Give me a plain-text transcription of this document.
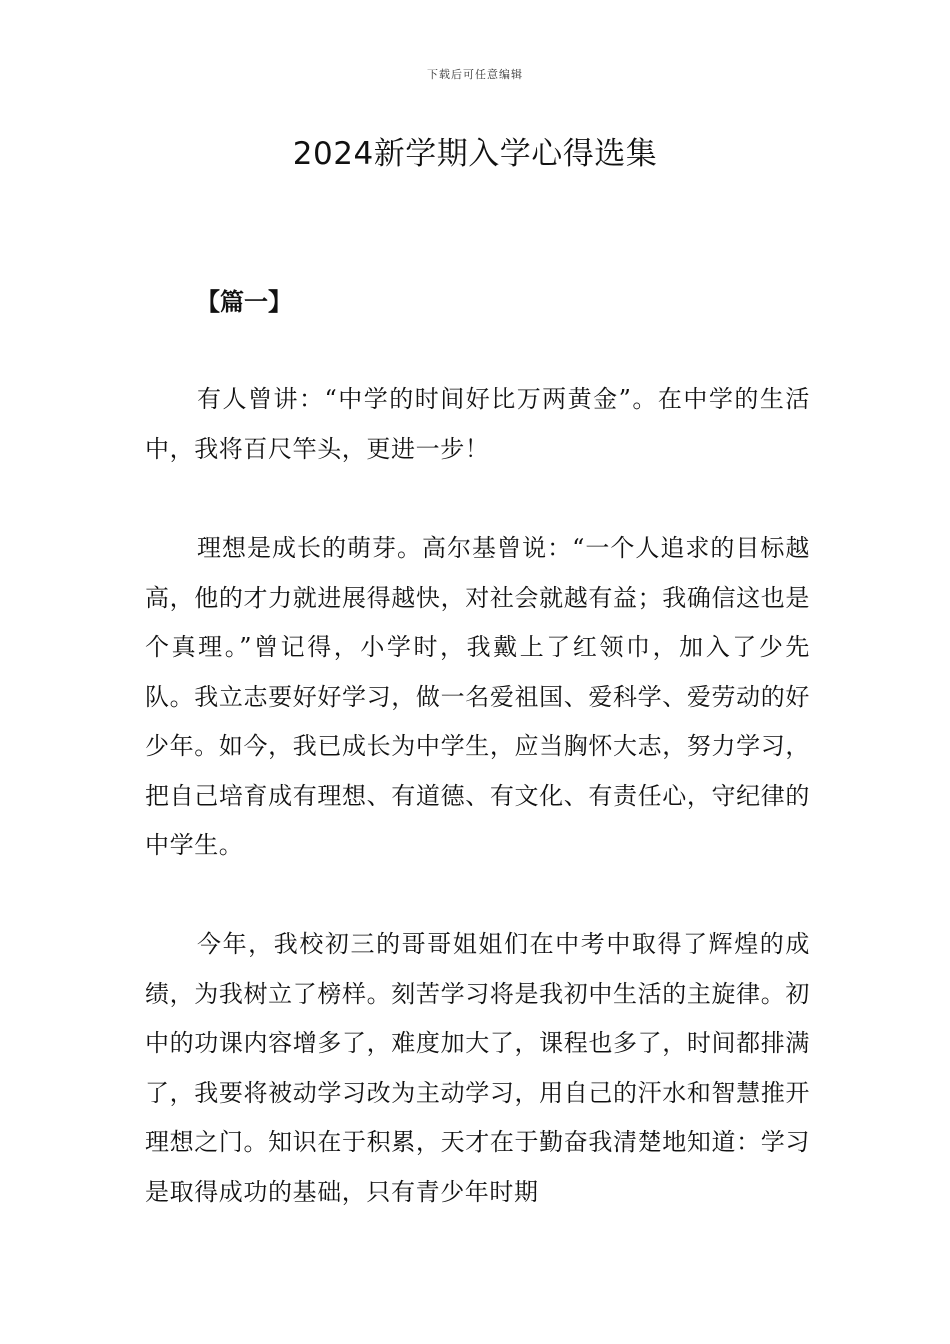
下载后可任意编辑
2024新学期入学心得选集
【篇一】

有人曾讲：“中学的时间好比万两黄金”。在中学的生活中，我将百尺竿头，更进一步！

理想是成长的萌芽。高尔基曾说：“一个人追求的目标越高，他的才力就进展得越快，对社会就越有益；我确信这也是个真理。”曾记得，小学时，我戴上了红领巾，加入了少先队。我立志要好好学习，做一名爱祖国、爱科学、爱劳动的好少年。如今，我已成长为中学生，应当胸怀大志，努力学习，把自己培育成有理想、有道德、有文化、有责任心，守纪律的中学生。

今年，我校初三的哥哥姐姐们在中考中取得了辉煌的成绩，为我树立了榜样。刻苦学习将是我初中生活的主旋律。初中的功课内容增多了，难度加大了，课程也多了，时间都排满了，我要将被动学习改为主动学习，用自己的汗水和智慧推开理想之门。知识在于积累，天才在于勤奋我清楚地知道：学习是取得成功的基础，只有青少年时期
